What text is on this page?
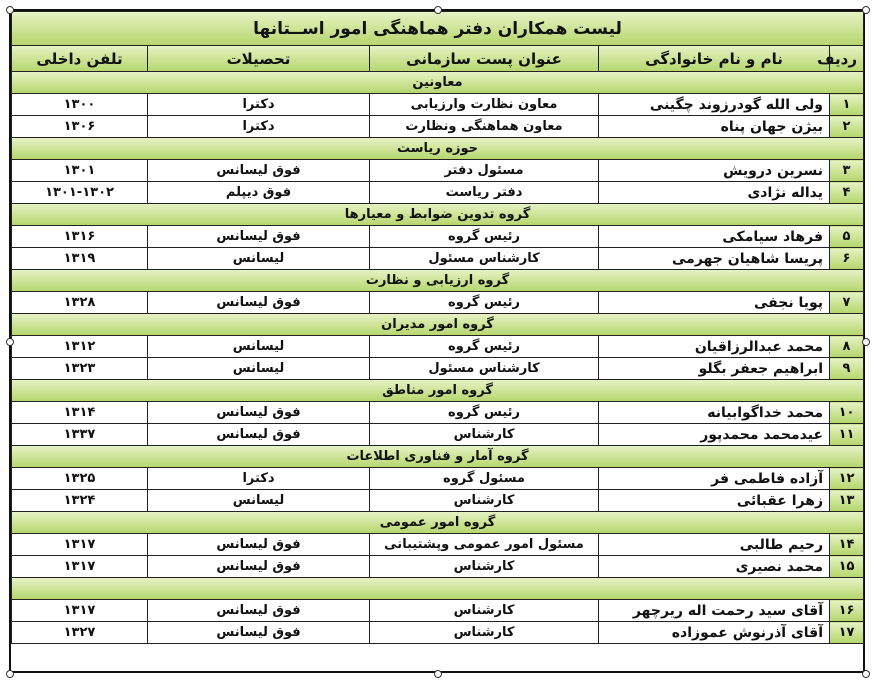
لیست همکاران دفتر هماهنگی امور اســتانها				
ردیف	نام و نام خانوادگی	عنوان پست سازمانی	تحصیلات	تلفن داخلی
معاونین				
۱	ولی الله گودرزوند چگینی	معاون نظارت وارزیابی	دکترا	۱۳۰۰
۲	بیژن جهان پناه	معاون هماهنگی ونظارت	دکترا	۱۳۰۶
حوزه ریاست				
۳	نسرین درویش	مسئول دفتر	فوق لیسانس	۱۳۰۱
۴	یداله نژادی	دفتر ریاست	فوق دیپلم	۱۳۰۱-۱۳۰۲
گروه تدوین ضوابط و معیارها				
۵	فرهاد سیامکی	رئیس گروه	فوق لیسانس	۱۳۱۶
۶	پریسا شاهیان جهرمی	کارشناس مسئول	لیسانس	۱۳۱۹
گروه ارزیابی و نظارت				
۷	پویا نجفی	رئیس گروه	فوق لیسانس	۱۳۲۸
گروه امور مدیران				
۸	محمد عبدالرزاقیان	رئیس گروه	لیسانس	۱۳۱۲
۹	ابراهیم جعفر بگلو	کارشناس مسئول	لیسانس	۱۳۲۳
گروه امور مناطق				
۱۰	محمد خداگوابیانه	رئیس گروه	فوق لیسانس	۱۳۱۴
۱۱	عیدمحمد محمدپور	کارشناس	فوق لیسانس	۱۳۳۷
گروه آمار و فناوری اطلاعات				
۱۲	آزاده فاطمی فر	مسئول گروه	دکترا	۱۳۲۵
۱۳	زهرا عقبائی	کارشناس	لیسانس	۱۳۲۴
گروه امور عمومی				
۱۴	رحیم طالبی	مسئول امور عمومی وپشتیبانی	فوق لیسانس	۱۳۱۷
۱۵	محمد نصیری	کارشناس	فوق لیسانس	۱۳۱۷

۱۶	آقای سید رحمت اله ریرچهر	کارشناس	فوق لیسانس	۱۳۱۷
۱۷	آقای آذرنوش عموزاده	کارشناس	فوق لیسانس	۱۳۲۷
